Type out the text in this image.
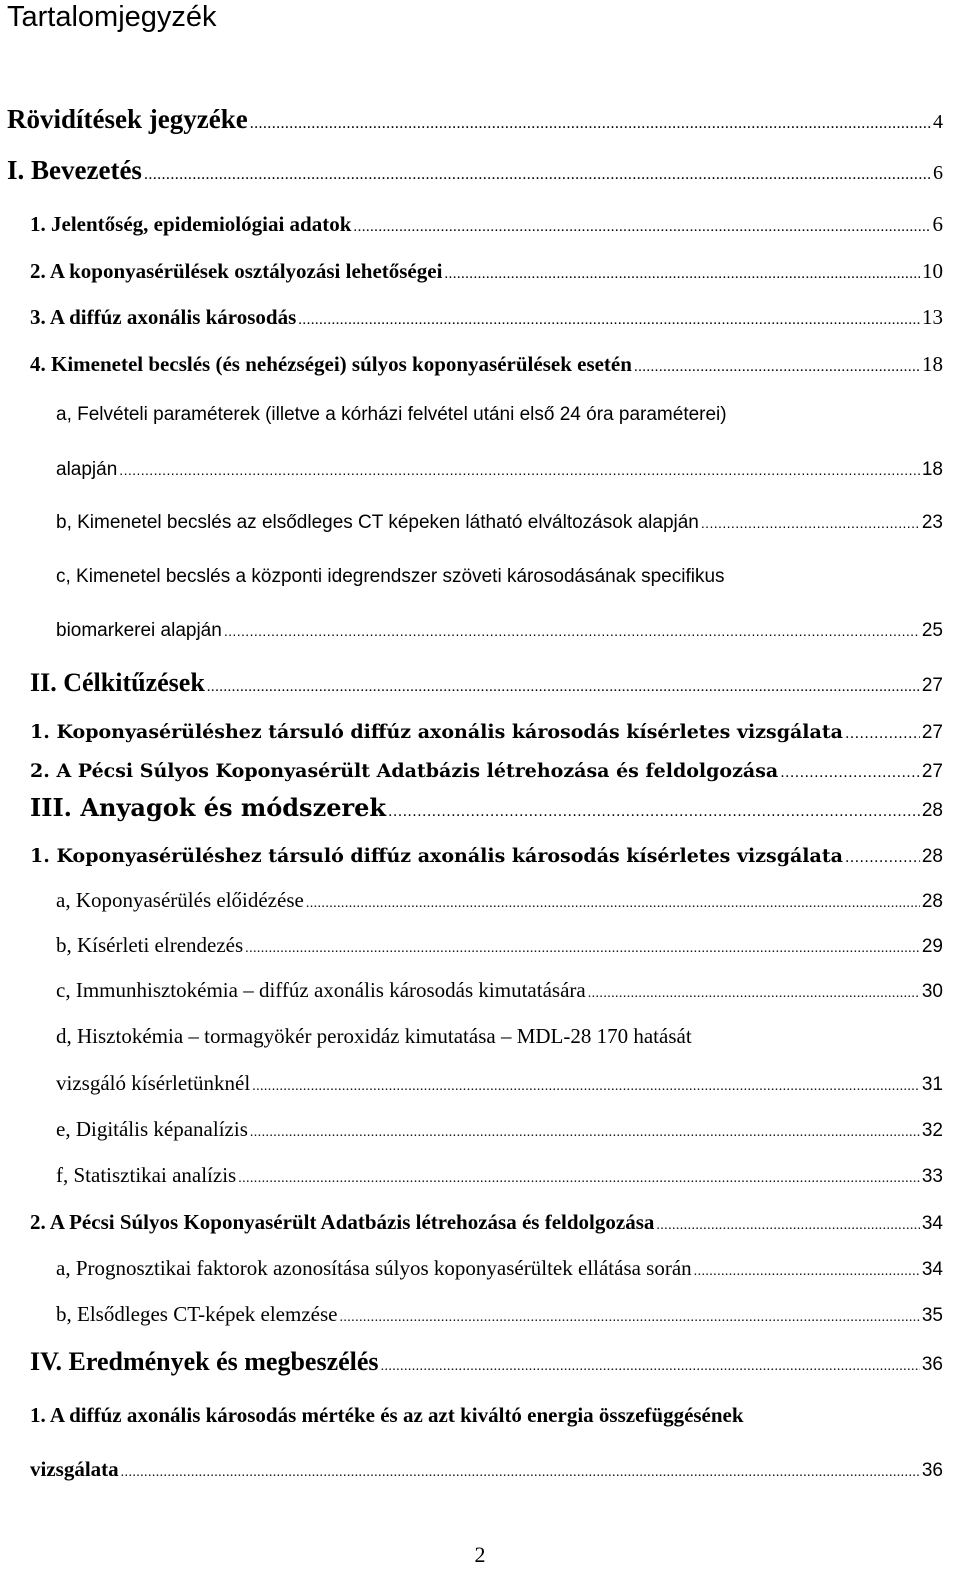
Tartalomjegyzék
Rövidítések jegyzéke .....	4
I. Bevezetés .....	6
1. Jelentőség, epidemiológiai adatok .....	6
2. A koponyasérülések osztályozási lehetőségei .....	10
3. A diffúz axonális károsodás .....	13
4. Kimenetel becslés (és nehézségei) súlyos koponyasérülések esetén .....	18
a, Felvételi paraméterek (illetve a kórházi felvétel utáni első 24 óra paraméterei)
alapján .....	18
b, Kimenetel becslés az elsődleges CT képeken látható elváltozások alapján .....	23
c, Kimenetel becslés a központi idegrendszer szöveti károsodásának specifikus
biomarkerei alapján .....	25
II. Célkitűzések .....	27
1. Koponyasérüléshez társuló diffúz axonális károsodás kísérletes vizsgálata .....	27
2. A Pécsi Súlyos Koponyasérült Adatbázis létrehozása és feldolgozása .....	27
III. Anyagok és módszerek .....	28
1. Koponyasérüléshez társuló diffúz axonális károsodás kísérletes vizsgálata .....	28
a, Koponyasérülés előidézése .....	28
b, Kísérleti elrendezés .....	29
c, Immunhisztokémia – diffúz axonális károsodás kimutatására .....	30
d, Hisztokémia – tormagyökér peroxidáz kimutatása – MDL-28 170 hatását
vizsgáló kísérletünknél .....	31
e, Digitális képanalízis .....	32
f, Statisztikai analízis .....	33
2. A Pécsi Súlyos Koponyasérült Adatbázis létrehozása és feldolgozása .....	34
a, Prognosztikai faktorok azonosítása súlyos koponyasérültek ellátása során .....	34
b, Elsődleges CT-képek elemzése .....	35
IV. Eredmények és megbeszélés .....	36
1. A diffúz axonális károsodás mértéke és az azt kiváltó energia összefüggésének
vizsgálata .....	36
2
